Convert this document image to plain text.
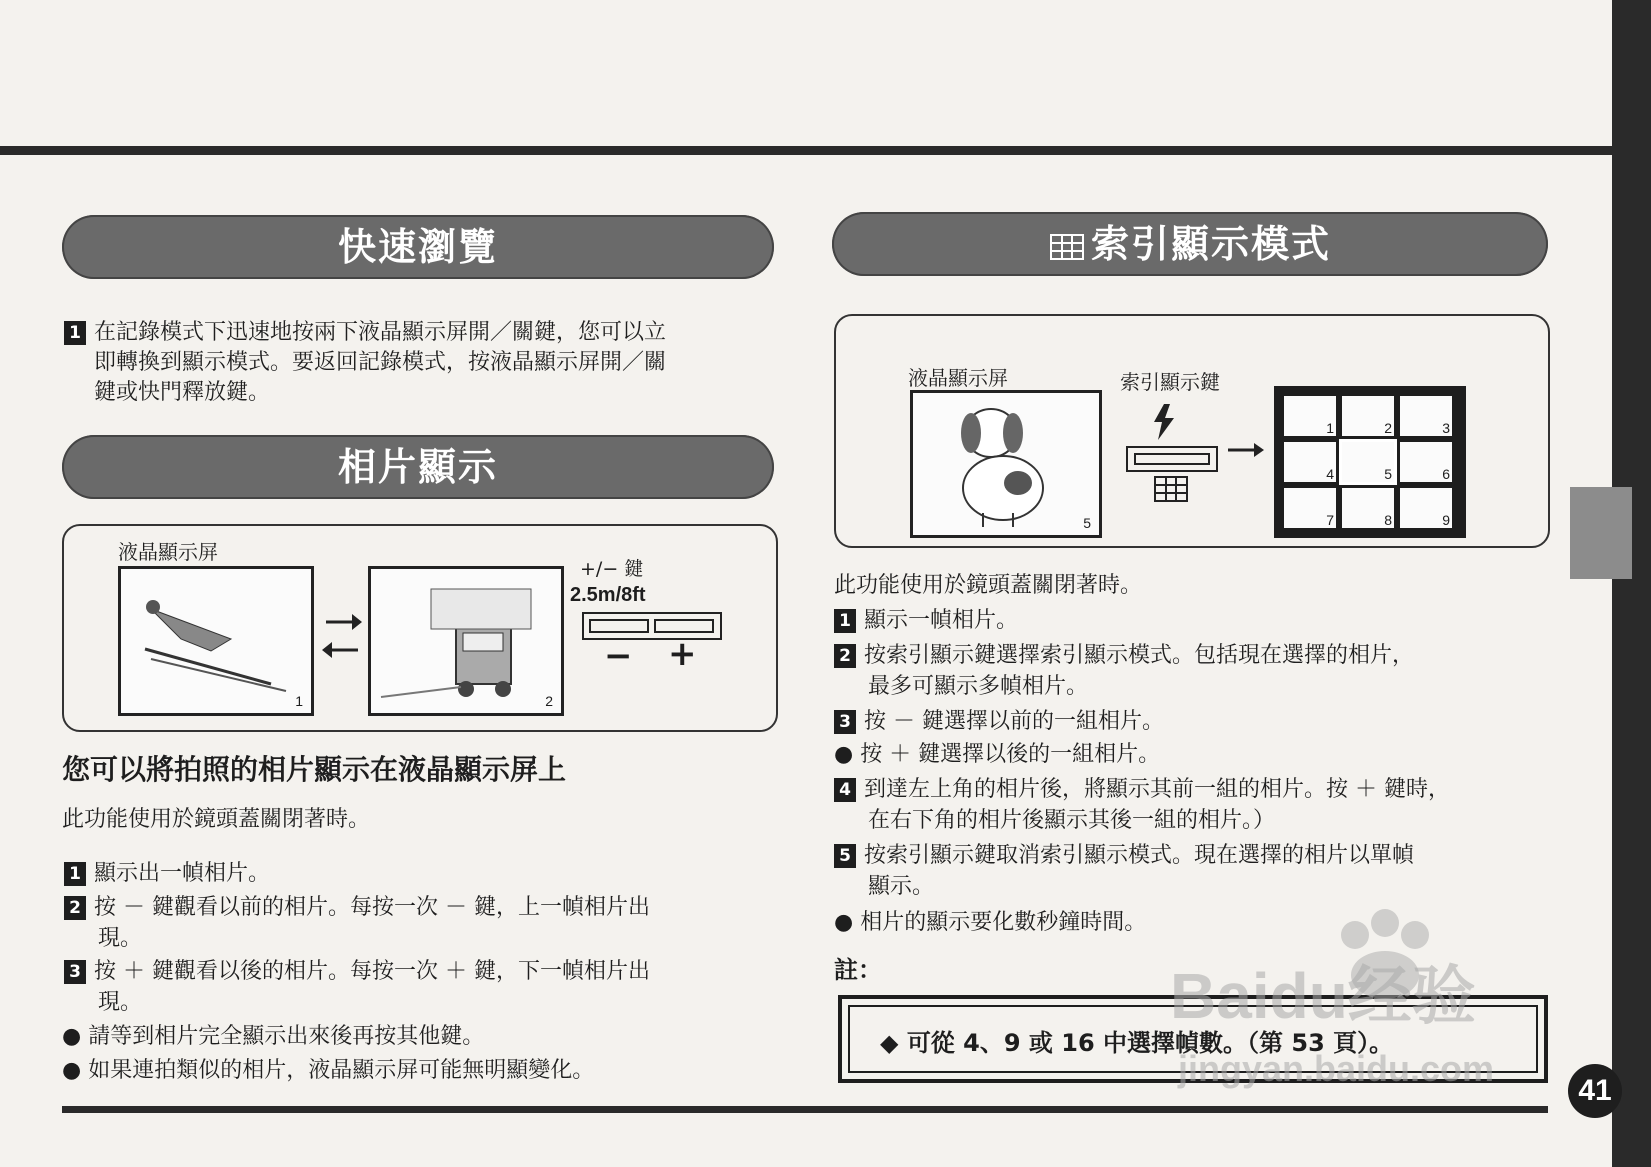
41
快速瀏覽
1 在記錄模式下迅速地按兩下液晶顯示屏開／關鍵，您可以立
即轉換到顯示模式。要返回記錄模式，按液晶顯示屏開／關
鍵或快門釋放鍵。
相片顯示
液晶顯示屏
1	2
+/− 鍵
2.5m/8ft
− +
您可以將拍照的相片顯示在液晶顯示屏上
此功能使用於鏡頭蓋關閉著時。
1 顯示出一幀相片。
2 按 － 鍵觀看以前的相片。每按一次 － 鍵，上一幀相片出
現。
3 按 ＋ 鍵觀看以後的相片。每按一次 ＋ 鍵，下一幀相片出
現。
● 請等到相片完全顯示出來後再按其他鍵。
● 如果連拍類似的相片，液晶顯示屏可能無明顯變化。
索引顯示模式
液晶顯示屏	索引顯示鍵
5
1	2	3
4	5	6
7	8	9
此功能使用於鏡頭蓋關閉著時。
1 顯示一幀相片。
2 按索引顯示鍵選擇索引顯示模式。包括現在選擇的相片，
最多可顯示多幀相片。
3 按 － 鍵選擇以前的一組相片。
● 按 ＋ 鍵選擇以後的一組相片。
4 到達左上角的相片後，將顯示其前一組的相片。按 ＋ 鍵時，
在右下角的相片後顯示其後一組的相片。）
5 按索引顯示鍵取消索引顯示模式。現在選擇的相片以單幀
顯示。
● 相片的顯示要化數秒鐘時間。
註：
◆ 可從 4、9 或 16 中選擇幀數。（第 53 頁）。
Baidu经验
jingyan.baidu.com
